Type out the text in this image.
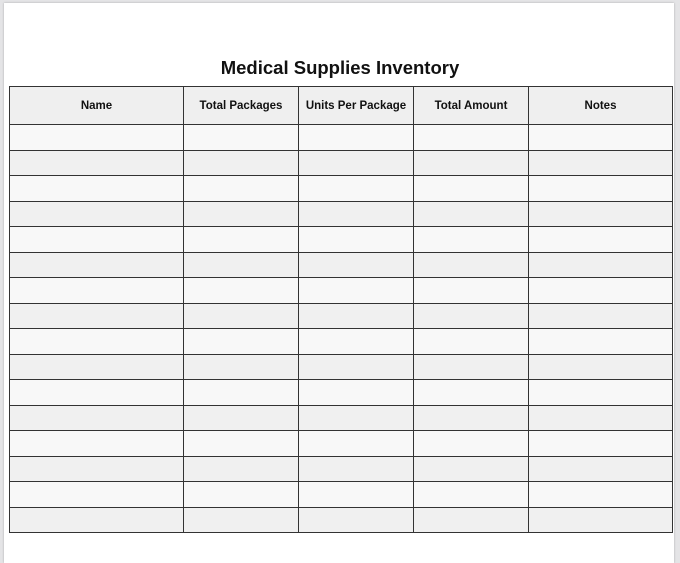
Medical Supplies Inventory
Name	Total Packages	Units Per Package	Total Amount	Notes
